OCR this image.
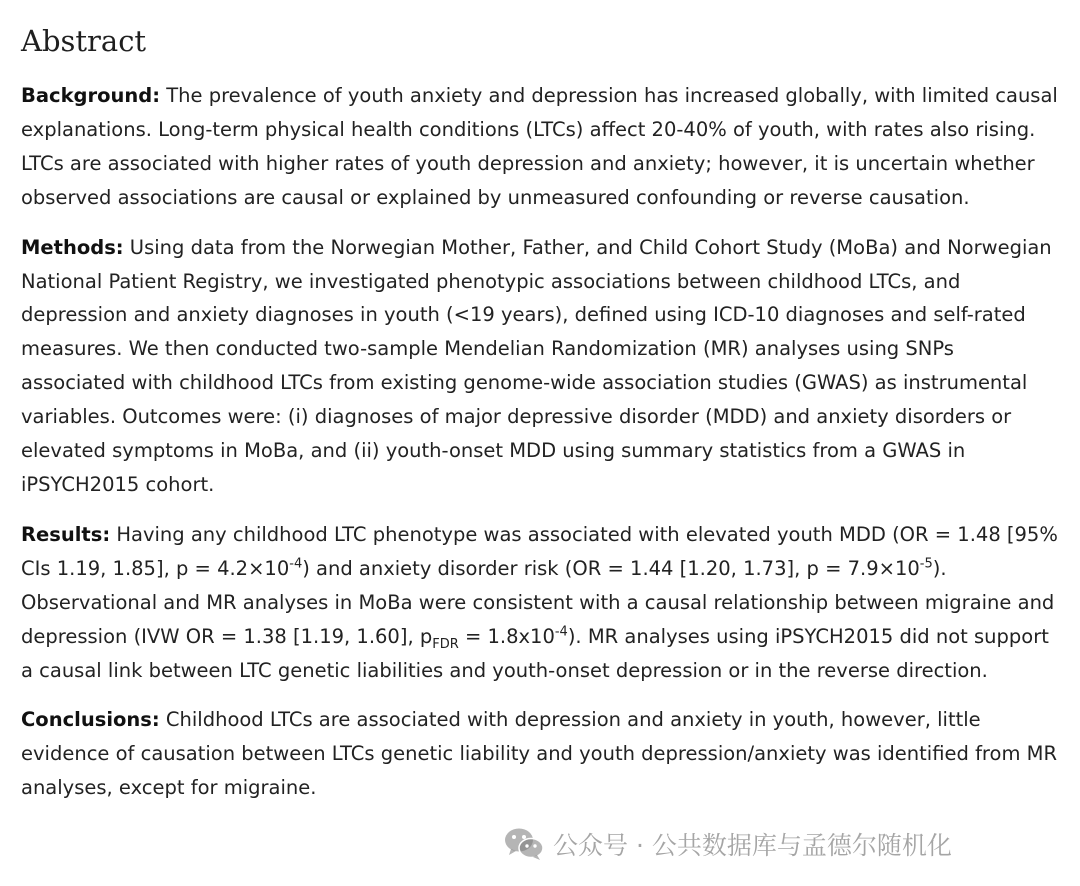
Abstract

Background: The prevalence of youth anxiety and depression has increased globally, with limited causal explanations. Long-term physical health conditions (LTCs) affect 20-40% of youth, with rates also rising. LTCs are associated with higher rates of youth depression and anxiety; however, it is uncertain whether observed associations are causal or explained by unmeasured confounding or reverse causation.

Methods: Using data from the Norwegian Mother, Father, and Child Cohort Study (MoBa) and Norwegian National Patient Registry, we investigated phenotypic associations between childhood LTCs, and depression and anxiety diagnoses in youth (<19 years), defined using ICD-10 diagnoses and self-rated measures. We then conducted two-sample Mendelian Randomization (MR) analyses using SNPs associated with childhood LTCs from existing genome-wide association studies (GWAS) as instrumental variables. Outcomes were: (i) diagnoses of major depressive disorder (MDD) and anxiety disorders or elevated symptoms in MoBa, and (ii) youth-onset MDD using summary statistics from a GWAS in iPSYCH2015 cohort.

Results: Having any childhood LTC phenotype was associated with elevated youth MDD (OR = 1.48 [95% CIs 1.19, 1.85], $p = 4.2\times 10^{-4}$) and anxiety disorder risk (OR = 1.44 [1.20, 1.73], $p = 7.9\times 10^{-5}$). Observational and MR analyses in MoBa were consistent with a causal relationship between migraine and depression (IVW OR = 1.38 [1.19, 1.60], $p_{FDR} = 1.8x10^{-4}$). MR analyses using iPSYCH2015 did not support a causal link between LTC genetic liabilities and youth-onset depression or in the reverse direction.

Conclusions: Childhood LTCs are associated with depression and anxiety in youth, however, little evidence of causation between LTCs genetic liability and youth depression/anxiety was identified from MR analyses, except for migraine.

公众号 · 公共数据库与孟德尔随机化
